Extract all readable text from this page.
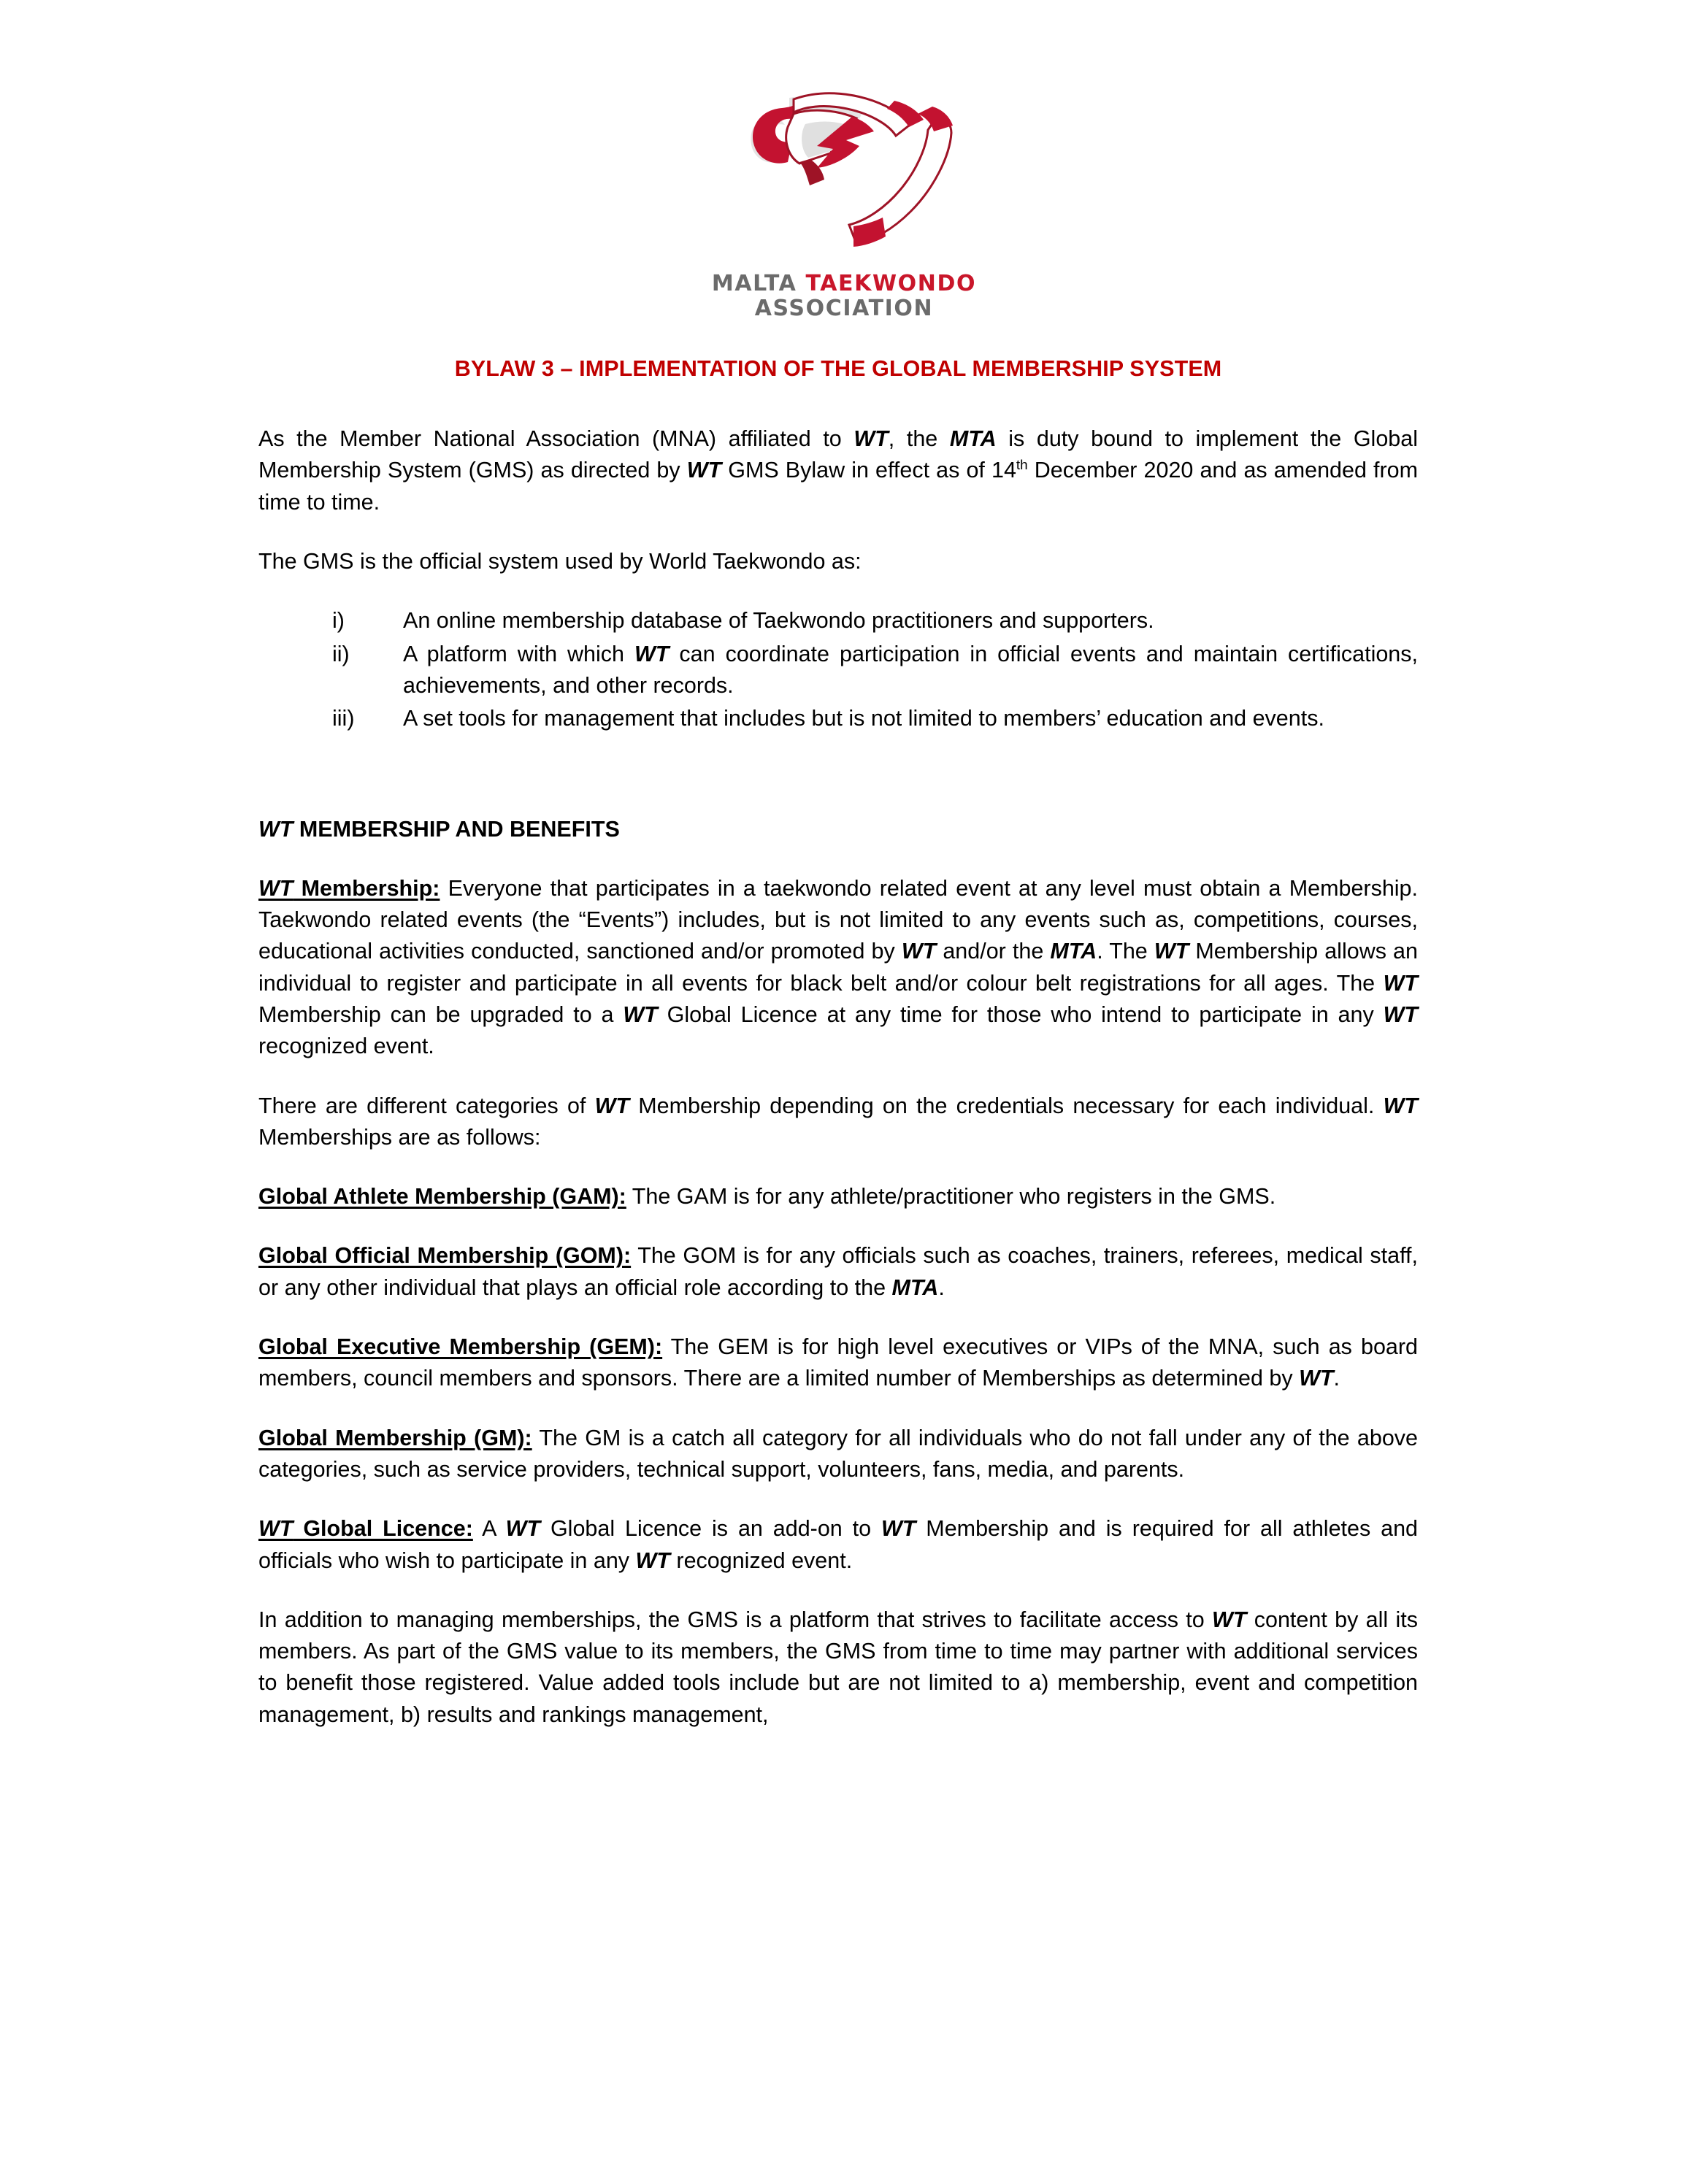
MALTA TAEKWONDO
ASSOCIATION
BYLAW 3 – IMPLEMENTATION OF THE GLOBAL MEMBERSHIP SYSTEM

As the Member National Association (MNA) affiliated to WT, the MTA is duty bound to implement the Global Membership System (GMS) as directed by WT GMS Bylaw in effect as of 14th December 2020 and as amended from time to time.

The GMS is the official system used by World Taekwondo as:

i)	An online membership database of Taekwondo practitioners and supporters.
ii)	A platform with which WT can coordinate participation in official events and maintain certifications, achievements, and other records.
iii)	A set tools for management that includes but is not limited to members’ education and events.
WT MEMBERSHIP AND BENEFITS

WT Membership: Everyone that participates in a taekwondo related event at any level must obtain a Membership. Taekwondo related events (the “Events”) includes, but is not limited to any events such as, competitions, courses, educational activities conducted, sanctioned and/or promoted by WT and/or the MTA. The WT Membership allows an individual to register and participate in all events for black belt and/or colour belt registrations for all ages. The WT Membership can be upgraded to a WT Global Licence at any time for those who intend to participate in any WT recognized event.

There are different categories of WT Membership depending on the credentials necessary for each individual. WT Memberships are as follows:

Global Athlete Membership (GAM): The GAM is for any athlete/practitioner who registers in the GMS.

Global Official Membership (GOM): The GOM is for any officials such as coaches, trainers, referees, medical staff, or any other individual that plays an official role according to the MTA.

Global Executive Membership (GEM): The GEM is for high level executives or VIPs of the MNA, such as board members, council members and sponsors. There are a limited number of Memberships as determined by WT.

Global Membership (GM): The GM is a catch all category for all individuals who do not fall under any of the above categories, such as service providers, technical support, volunteers, fans, media, and parents.

WT Global Licence: A WT Global Licence is an add-on to WT Membership and is required for all athletes and officials who wish to participate in any WT recognized event.

In addition to managing memberships, the GMS is a platform that strives to facilitate access to WT content by all its members. As part of the GMS value to its members, the GMS from time to time may partner with additional services to benefit those registered. Value added tools include but are not limited to a) membership, event and competition management, b) results and rankings management,
